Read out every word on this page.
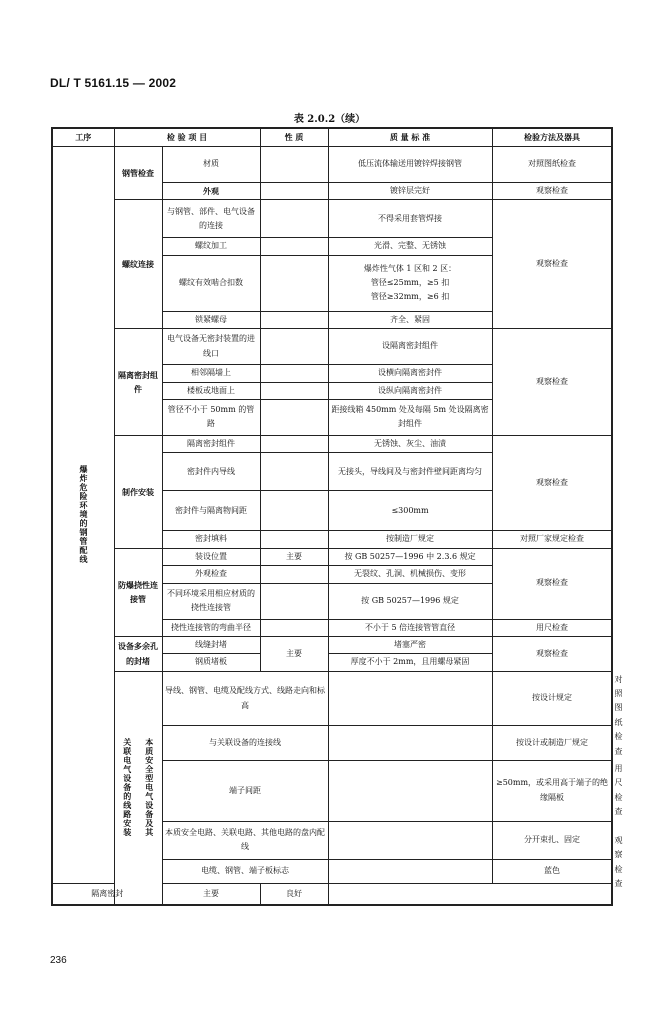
DL/ T 5161.15 — 2002
表 2.0.2（续）
工序	检 验 项 目		性 质	质 量 标 准	检验方法及器具	

爆炸危险环境的钢管配线	钢管检查	材质		低压流体输送用镀锌焊接钢管	对照图纸检查	
		外观		镀锌层完好	观察检查	
	螺纹连接	与钢管、部件、电气设备的连接		不得采用套管焊接	观察检查	
		螺纹加工		光滑、完整、无锈蚀		
		螺纹有效啮合扣数		爆炸性气体 1 区和 2 区：
管径≤25mm，≥5 扣
管径≥32mm，≥6 扣		

		锁紧螺母		齐全、紧固		
	隔离密封组件	电气设备无密封装置的进线口		设隔离密封组件	观察检查	
		相邻隔墙上		设横向隔离密封件		
		楼板或地面上		设纵向隔离密封件		
		管径不小于 50mm 的管路		距接线箱 450mm 处及每隔 5m 处设隔离密封组件		
	制作安装	隔离密封组件		无锈蚀、灰尘、油渍	观察检查	
		密封件内导线		无接头，导线间及与密封件壁间距离均匀		
		密封件与隔离物间距		≤300mm		
		密封填料		按制造厂规定	对照厂家规定检查	
	防爆挠性连接管	装设位置	主要	按 GB 50257—1996 中 2.3.6 规定	观察检查	
		外观检查		无裂纹、孔洞、机械损伤、变形		
		不同环境采用相应材质的挠性连接管		按 GB 50257—1996 规定		
		挠性连接管的弯曲半径		不小于 5 倍连接管管直径	用尺检查	
	设备多余孔的封堵	线缝封堵	主要	堵塞严密	观察检查	
		钢质堵板		厚度不小于 2mm，且用螺母紧固		

	关联电气设备的线路安装 本质安全型电气设备及其	导线、钢管、电缆及配线方式、线路走向和标高			按设计规定	对照图纸检查
		与关联设备的连接线			按设计或制造厂规定	
		端子间距			≥50mm，或采用高于端子的绝缘隔板	用尺检查
		本质安全电路、关联电路、其他电路的盘内配线			分开束扎、固定	观察检查
		电缆、钢管、端子板标志			蓝色	
隔离密封		主要	良好			
236
